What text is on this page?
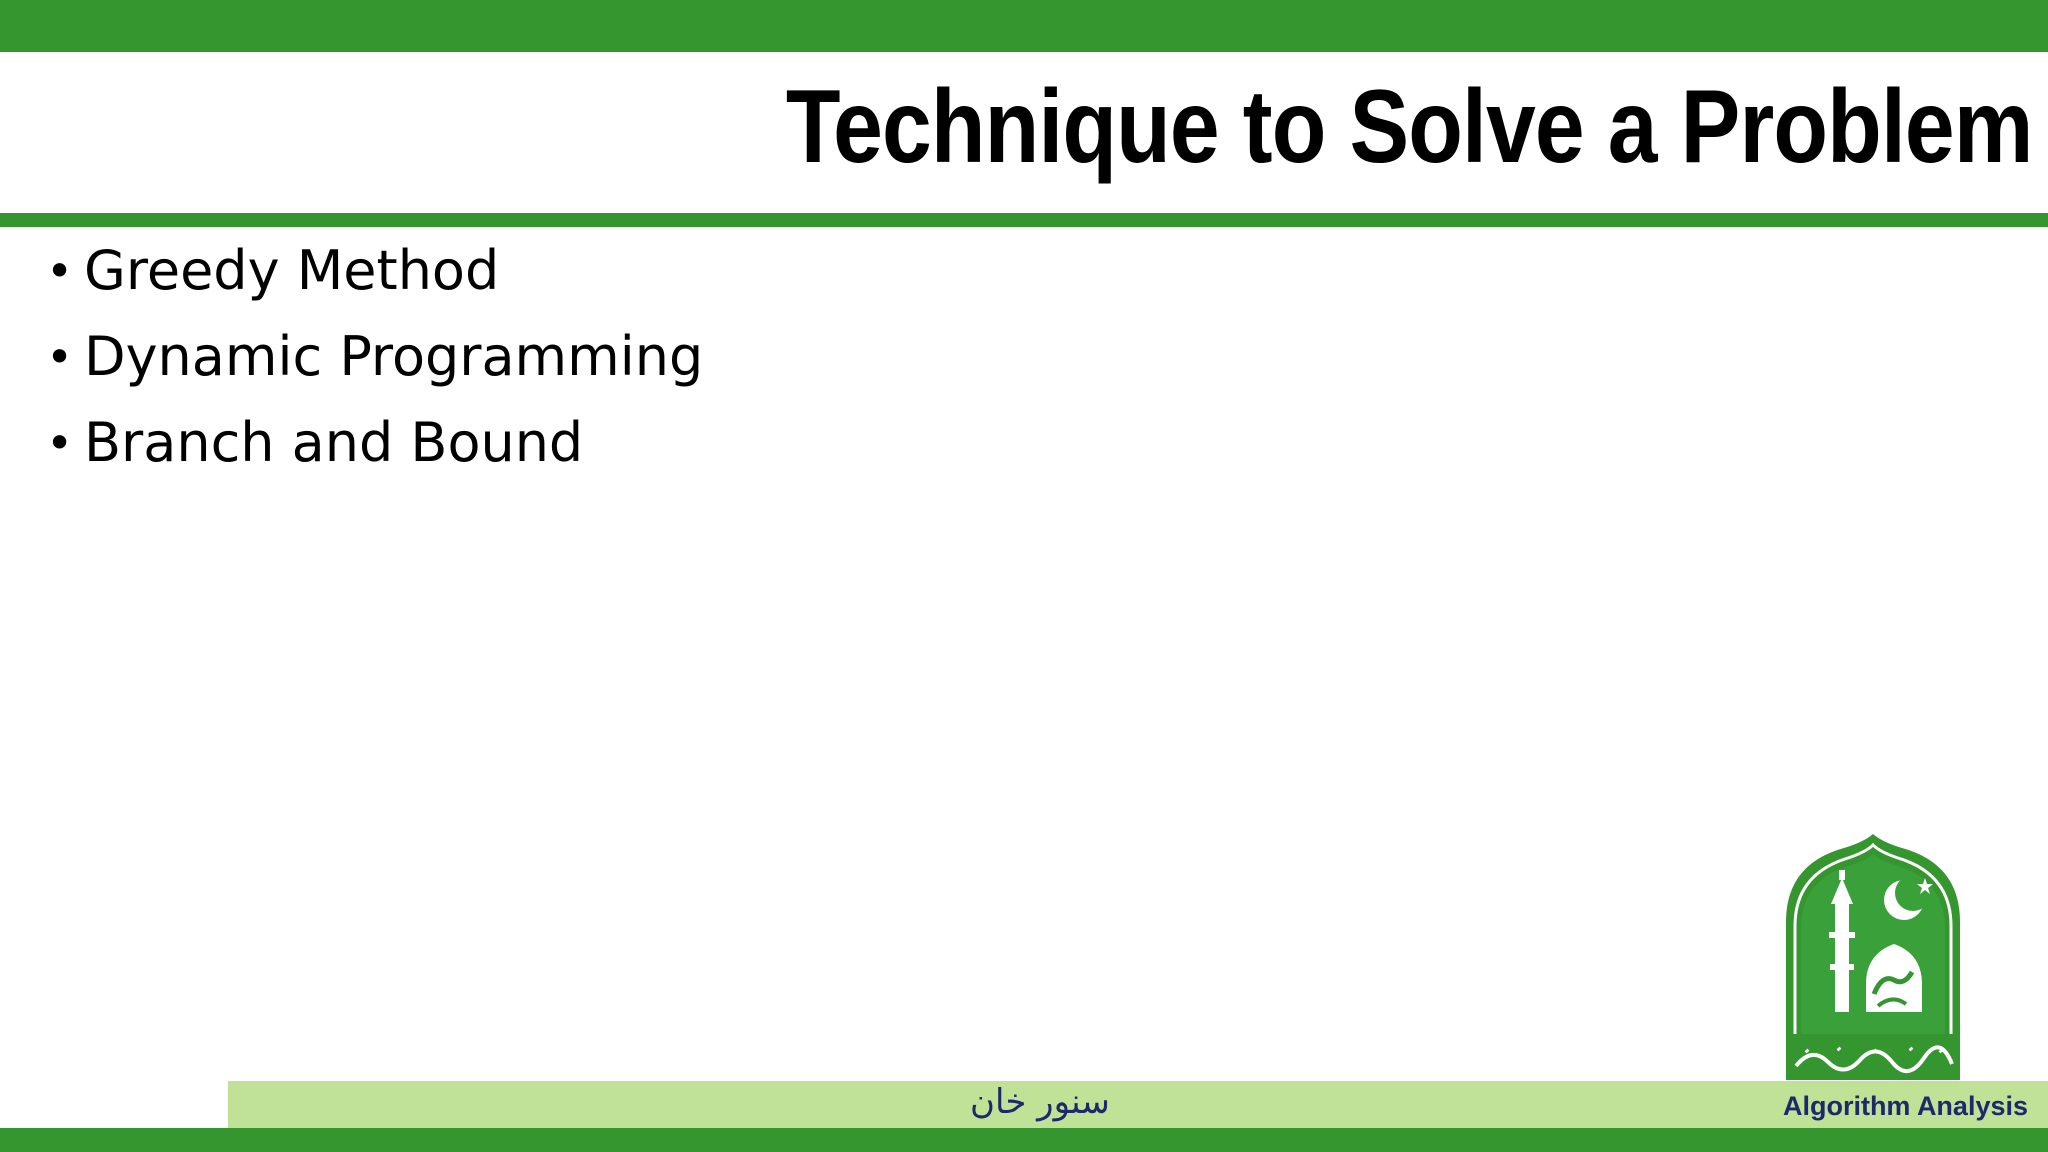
Technique to Solve a Problem
• Greedy Method
• Dynamic Programming
• Branch and Bound
سنور خان	Algorithm Analysis
